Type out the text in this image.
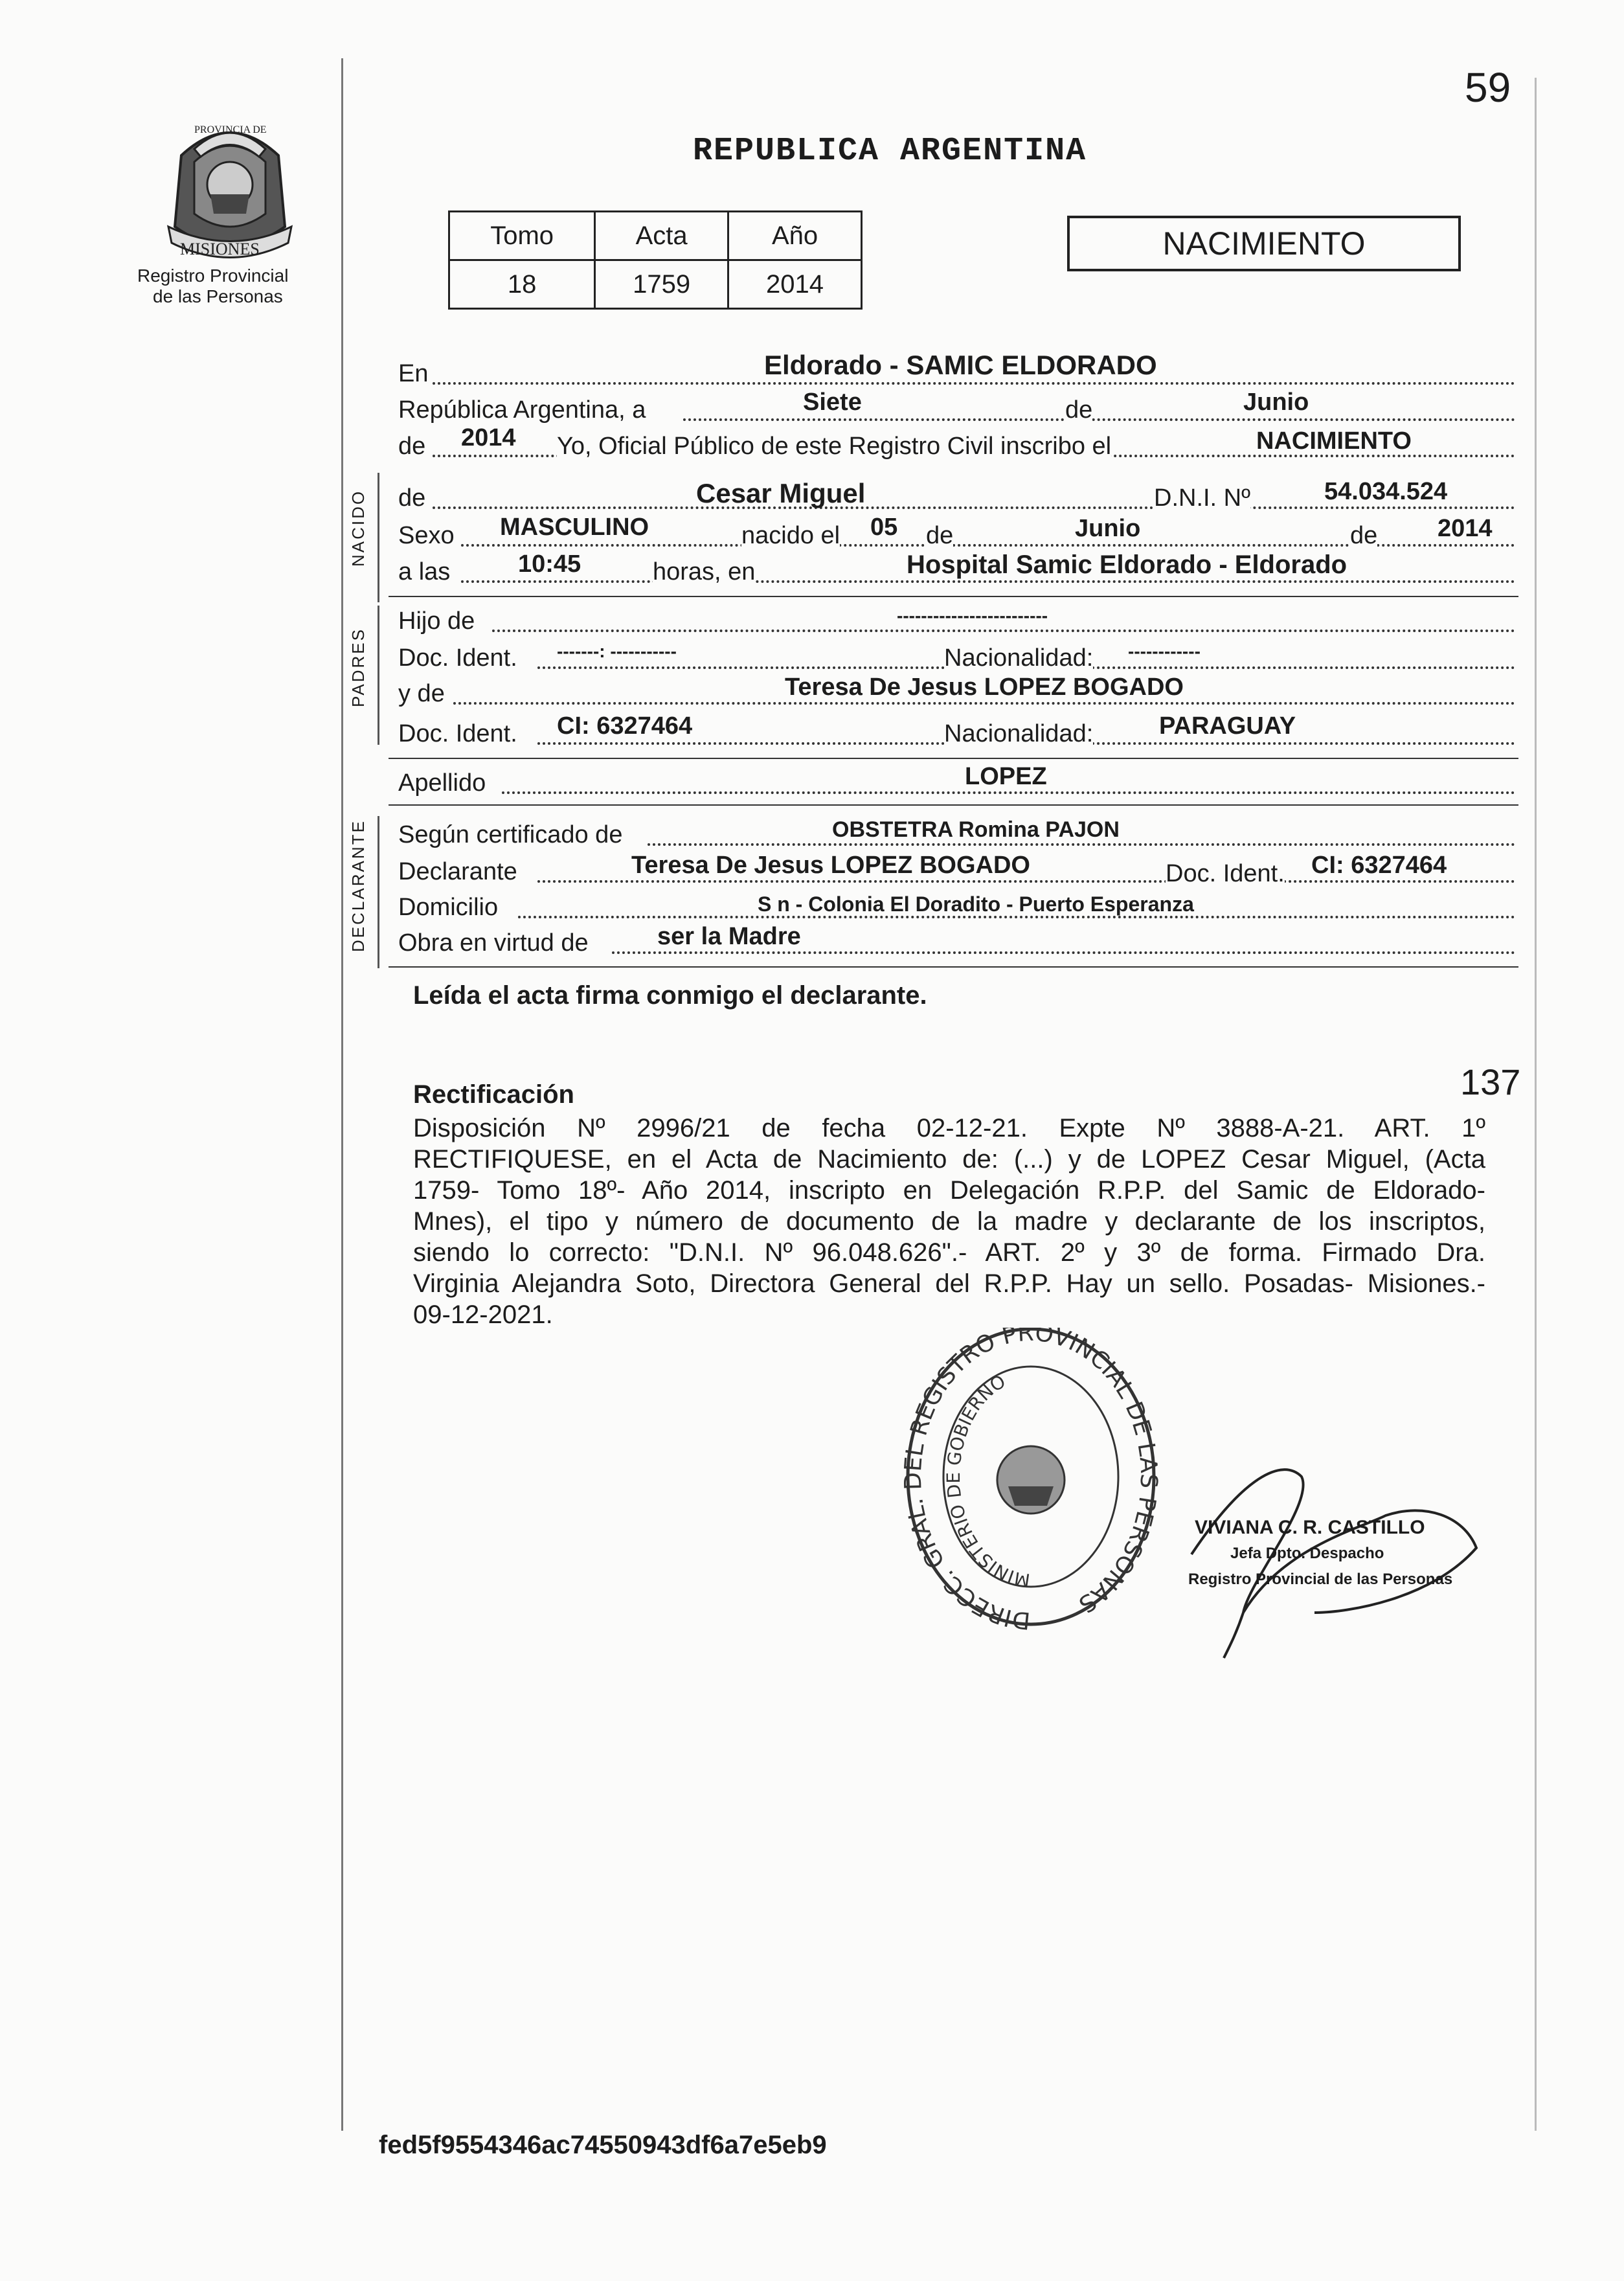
59
PROVINCIA DE
MISIONES
Registro Provincial
de las Personas
REPUBLICA ARGENTINA
Tomo	Acta	Año
18	1759	2014
NACIMIENTO
NACIDO
PADRES
DECLARANTE
En	Eldorado - SAMIC ELDORADO
República Argentina, a	Siete	de	Junio
de 2014 Yo, Oficial Público de este Registro Civil inscribo el	NACIMIENTO
de	Cesar Miguel	D.N.I. Nº	54.034.524
Sexo MASCULINO	nacido el 05 de	Junio	de 2014
a las	10:45	horas, en	Hospital Samic Eldorado - Eldorado
Hijo de	-------------------------
Doc. Ident. -------: -----------	Nacionalidad: ------------
y de	Teresa De Jesus LOPEZ BOGADO
Doc. Ident. CI: 6327464	Nacionalidad:	PARAGUAY
Apellido	LOPEZ
Según certificado de	OBSTETRA Romina PAJON
Declarante	Teresa De Jesus LOPEZ BOGADO	Doc. Ident. CI: 6327464
Domicilio	S n - Colonia El Doradito - Puerto Esperanza
Obra en virtud de	ser la Madre
Leída el acta firma conmigo el declarante.
137
Rectificación
Disposición Nº 2996/21 de fecha 02-12-21. Expte Nº 3888-A-21. ART. 1º
RECTIFIQUESE, en el Acta de Nacimiento de: (...) y de LOPEZ Cesar Miguel, (Acta
1759- Tomo 18º- Año 2014, inscripto en Delegación R.P.P. del Samic de Eldorado-
Mnes), el tipo y número de documento de la madre y declarante de los inscriptos,
siendo lo correcto: "D.N.I. Nº 96.048.626".- ART. 2º y 3º de forma. Firmado Dra.
Virginia Alejandra Soto, Directora General del R.P.P. Hay un sello. Posadas- Misiones.-
09-12-2021.
DIRECC. GRAL. DEL REGISTRO PROVINCIAL DE LAS PERSONAS
MINISTERIO DE GOBIERNO
VIVIANA C. R. CASTILLO
Jefa Dpto. Despacho
Registro Provincial de las Personas
fed5f9554346ac74550943df6a7e5eb9
